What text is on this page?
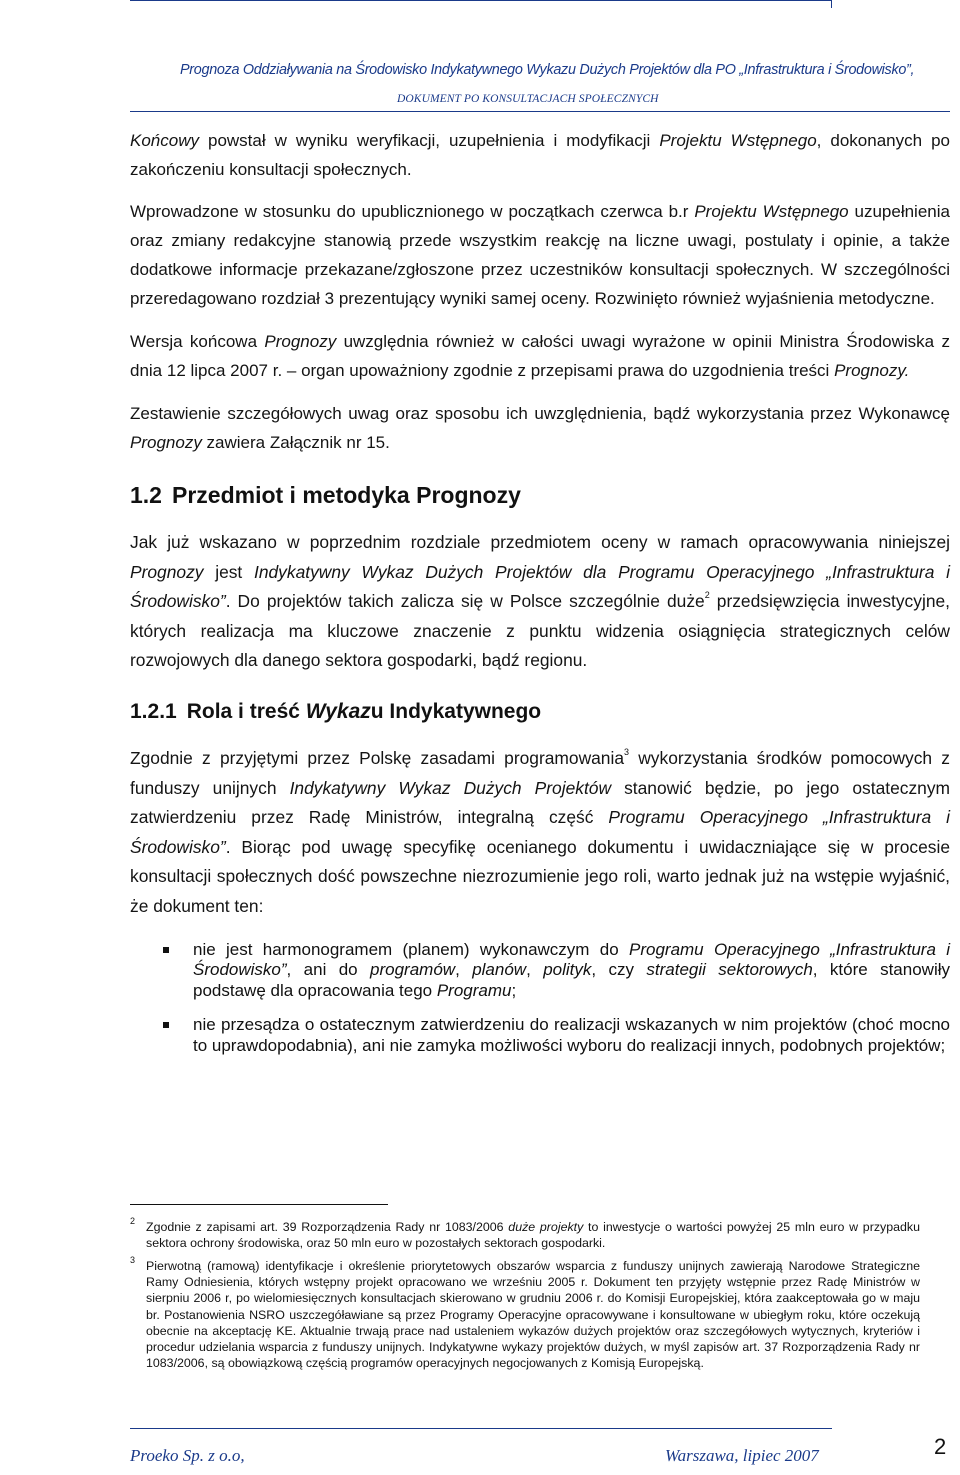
Prognoza Oddziaływania na Środowisko Indykatywnego Wykazu Dużych Projektów dla PO „Infrastruktura i Środowisko”,
DOKUMENT PO KONSULTACJACH SPOŁECZNYCH

Końcowy powstał w wyniku weryfikacji, uzupełnienia i modyfikacji Projektu Wstępnego, dokonanych po zakończeniu konsultacji społecznych.

Wprowadzone w stosunku do upublicznionego w początkach czerwca b.r Projektu Wstępnego uzupełnienia oraz zmiany redakcyjne stanowią przede wszystkim reakcję na liczne uwagi, postulaty i opinie, a także dodatkowe informacje przekazane/zgłoszone przez uczestników konsultacji społecznych. W szczególności przeredagowano rozdział 3 prezentujący wyniki samej oceny. Rozwinięto również wyjaśnienia metodyczne.

Wersja końcowa Prognozy uwzględnia również w całości uwagi wyrażone w opinii Ministra Środowiska z dnia 12 lipca 2007 r. – organ upoważniony zgodnie z przepisami prawa do uzgodnienia treści Prognozy.

Zestawienie szczegółowych uwag oraz sposobu ich uwzględnienia, bądź wykorzystania przez Wykonawcę Prognozy zawiera Załącznik nr 15.

1.2 Przedmiot i metodyka Prognozy

Jak już wskazano w poprzednim rozdziale przedmiotem oceny w ramach opracowywania niniejszej Prognozy jest Indykatywny Wykaz Dużych Projektów dla Programu Operacyjnego „Infrastruktura i Środowisko”. Do projektów takich zalicza się w Polsce szczególnie duże$^2$ przedsięwzięcia inwestycyjne, których realizacja ma kluczowe znaczenie z punktu widzenia osiągnięcia strategicznych celów rozwojowych dla danego sektora gospodarki, bądź regionu.

1.2.1 Rola i treść Wykazu Indykatywnego

Zgodnie z przyjętymi przez Polskę zasadami programowania$^3$ wykorzystania środków pomocowych z funduszy unijnych Indykatywny Wykaz Dużych Projektów stanowić będzie, po jego ostatecznym zatwierdzeniu przez Radę Ministrów, integralną część Programu Operacyjnego „Infrastruktura i Środowisko”. Biorąc pod uwagę specyfikę ocenianego dokumentu i uwidaczniające się w procesie konsultacji społecznych dość powszechne niezrozumienie jego roli, warto jednak już na wstępie wyjaśnić, że dokument ten:

nie jest harmonogramem (planem) wykonawczym do Programu Operacyjnego „Infrastruktura i Środowisko”, ani do programów, planów, polityk, czy strategii sektorowych, które stanowiły podstawę dla opracowania tego Programu;
nie przesądza o ostatecznym zatwierdzeniu do realizacji wskazanych w nim projektów (choć mocno to uprawdopodabnia), ani nie zamyka możliwości wyboru do realizacji innych, podobnych projektów;
2 Zgodnie z zapisami art. 39 Rozporządzenia Rady nr 1083/2006 duże projekty to inwestycje o wartości powyżej 25 mln euro w przypadku sektora ochrony środowiska, oraz 50 mln euro w pozostałych sektorach gospodarki.
3 Pierwotną (ramową) identyfikacje i określenie priorytetowych obszarów wsparcia z funduszy unijnych zawierają Narodowe Strategiczne Ramy Odniesienia, których wstępny projekt opracowano we wrześniu 2005 r. Dokument ten przyjęty wstępnie przez Radę Ministrów w sierpniu 2006 r, po wielomiesięcznych konsultacjach skierowano w grudniu 2006 r. do Komisji Europejskiej, która zaakceptowała go w maju br. Postanowienia NSRO uszczegóławiane są przez Programy Operacyjne opracowywane i konsultowane w ubiegłym roku, które oczekują obecnie na akceptację KE. Aktualnie trwają prace nad ustaleniem wykazów dużych projektów oraz szczegółowych wytycznych, kryteriów i procedur udzielania wsparcia z funduszy unijnych. Indykatywne wykazy projektów dużych, w myśl zapisów art. 37 Rozporządzenia Rady nr 1083/2006, są obowiązkową częścią programów operacyjnych negocjowanych z Komisją Europejską.
Proeko Sp. z o.o,	Warszawa, lipiec 2007	2
